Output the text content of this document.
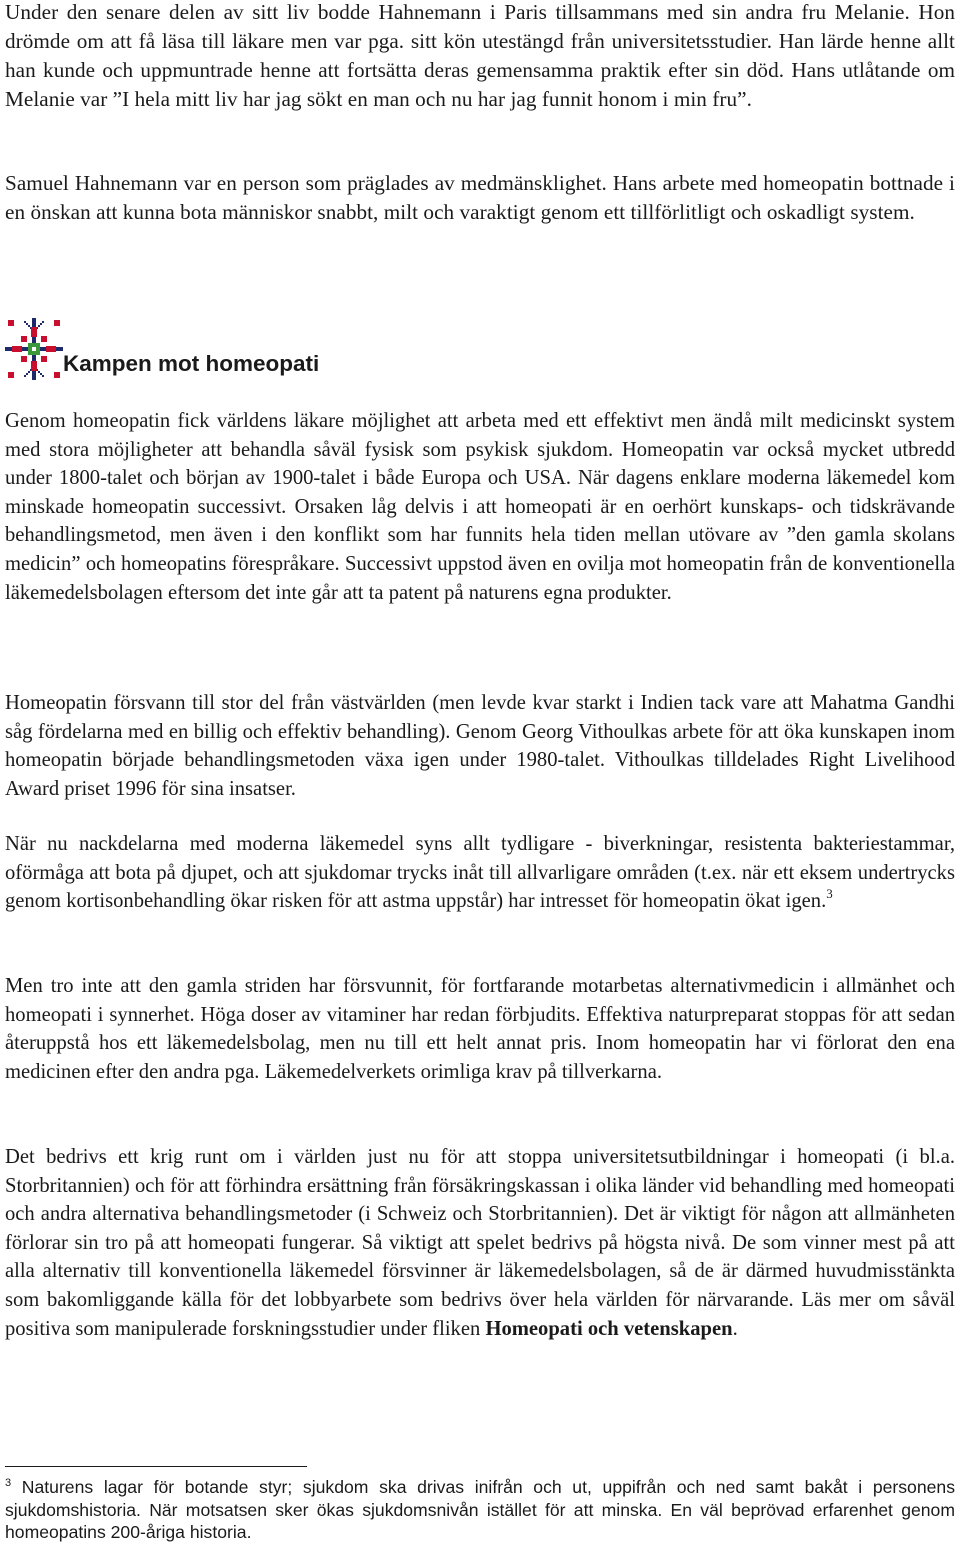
Under den senare delen av sitt liv bodde Hahnemann i Paris tillsammans med sin andra fru Melanie. Hon drömde om att få läsa till läkare men var pga. sitt kön utestängd från universitetsstudier. Han lärde henne allt han kunde och uppmuntrade henne att fortsätta deras gemensamma praktik efter sin död. Hans utlåtande om Melanie var ”I hela mitt liv har jag sökt en man och nu har jag funnit honom i min fru”.

Samuel Hahnemann var en person som präglades av medmänsklighet. Hans arbete med homeopatin bottnade i en önskan att kunna bota människor snabbt, milt och varaktigt genom ett tillförlitligt och oskadligt system.

Kampen mot homeopati

Genom homeopatin fick världens läkare möjlighet att arbeta med ett effektivt men ändå milt medicinskt system med stora möjligheter att behandla såväl fysisk som psykisk sjukdom. Homeopatin var också mycket utbredd under 1800-talet och början av 1900-talet i både Europa och USA. När dagens enklare moderna läkemedel kom minskade homeopatin successivt. Orsaken låg delvis i att homeopati är en oerhört kunskaps- och tidskrävande behandlingsmetod, men även i den konflikt som har funnits hela tiden mellan utövare av ”den gamla skolans medicin” och homeopatins förespråkare. Successivt uppstod även en ovilja mot homeopatin från de konventionella läkemedelsbolagen eftersom det inte går att ta patent på naturens egna produkter.

Homeopatin försvann till stor del från västvärlden (men levde kvar starkt i Indien tack vare att Mahatma Gandhi såg fördelarna med en billig och effektiv behandling). Genom Georg Vithoulkas arbete för att öka kunskapen inom homeopatin började behandlingsmetoden växa igen under 1980-talet. Vithoulkas tilldelades Right Livelihood Award priset 1996 för sina insatser.

När nu nackdelarna med moderna läkemedel syns allt tydligare - biverkningar, resistenta bakteriestammar, oförmåga att bota på djupet, och att sjukdomar trycks inåt till allvarligare områden (t.ex. när ett eksem undertrycks genom kortisonbehandling ökar risken för att astma uppstår) har intresset för homeopatin ökat igen.$^3$

Men tro inte att den gamla striden har försvunnit, för fortfarande motarbetas alternativmedicin i allmänhet och homeopati i synnerhet. Höga doser av vitaminer har redan förbjudits. Effektiva naturpreparat stoppas för att sedan återuppstå hos ett läkemedelsbolag, men nu till ett helt annat pris. Inom homeopatin har vi förlorat den ena medicinen efter den andra pga. Läkemedelverkets orimliga krav på tillverkarna.

Det bedrivs ett krig runt om i världen just nu för att stoppa universitetsutbildningar i homeopati (i bl.a. Storbritannien) och för att förhindra ersättning från försäkringskassan i olika länder vid behandling med homeopati och andra alternativa behandlingsmetoder (i Schweiz och Storbritannien). Det är viktigt för någon att allmänheten förlorar sin tro på att homeopati fungerar. Så viktigt att spelet bedrivs på högsta nivå. De som vinner mest på att alla alternativ till konventionella läkemedel försvinner är läkemedelsbolagen, så de är därmed huvudmisstänkta som bakomliggande källa för det lobbyarbete som bedrivs över hela världen för närvarande. Läs mer om såväl positiva som manipulerade forskningsstudier under fliken Homeopati och vetenskapen.

$^3$ Naturens lagar för botande styr; sjukdom ska drivas inifrån och ut, uppifrån och ned samt bakåt i personens sjukdomshistoria. När motsatsen sker ökas sjukdomsnivån istället för att minska. En väl beprövad erfarenhet genom homeopatins 200-åriga historia.
